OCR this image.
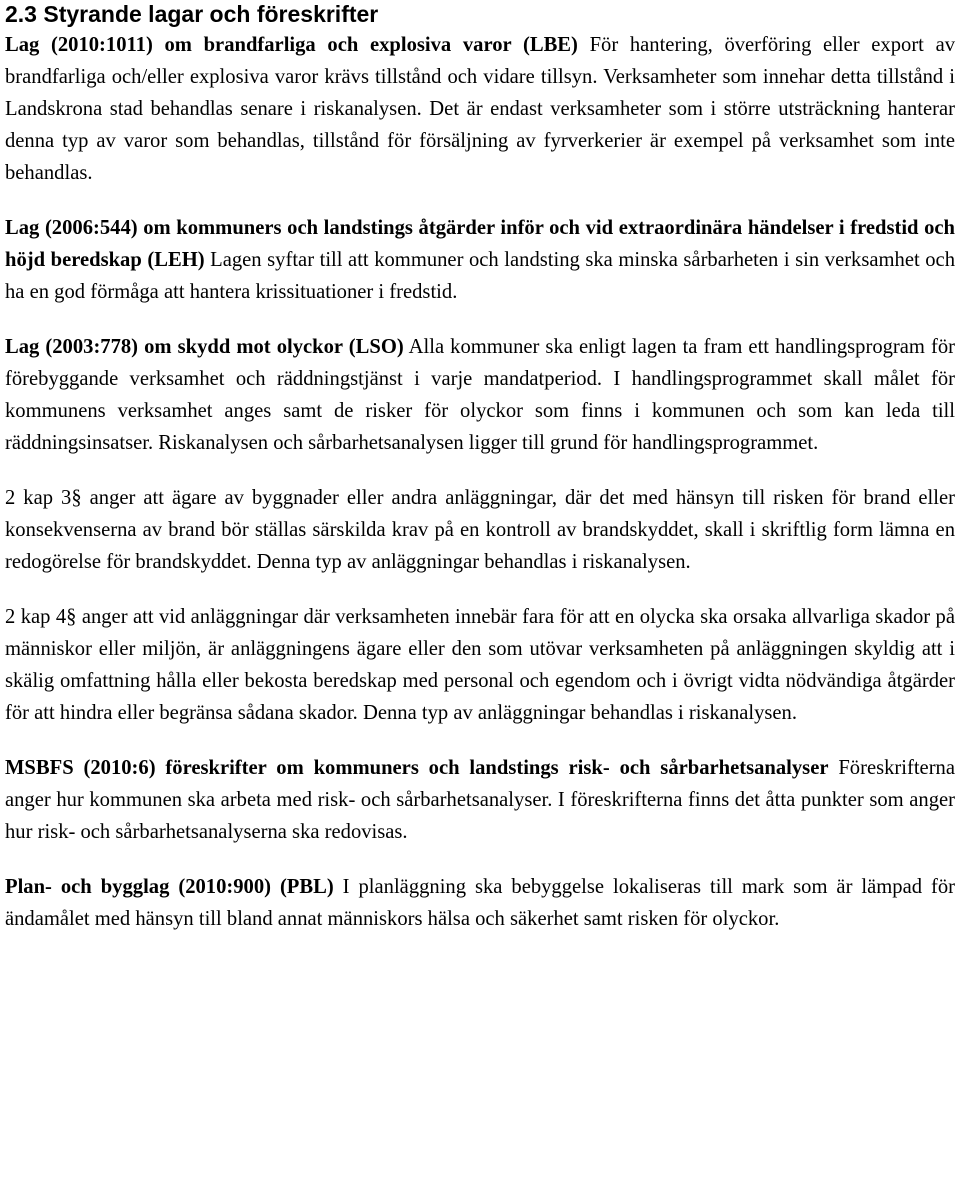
2.3 Styrande lagar och föreskrifter

Lag (2010:1011) om brandfarliga och explosiva varor (LBE) För hantering, överföring eller export av brandfarliga och/eller explosiva varor krävs tillstånd och vidare tillsyn. Verksamheter som innehar detta tillstånd i Landskrona stad behandlas senare i riskanalysen. Det är endast verksamheter som i större utsträckning hanterar denna typ av varor som behandlas, tillstånd för försäljning av fyrverkerier är exempel på verksamhet som inte behandlas.

Lag (2006:544) om kommuners och landstings åtgärder inför och vid extraordinära händelser i fredstid och höjd beredskap (LEH) Lagen syftar till att kommuner och landsting ska minska sårbarheten i sin verksamhet och ha en god förmåga att hantera krissituationer i fredstid.

Lag (2003:778) om skydd mot olyckor (LSO) Alla kommuner ska enligt lagen ta fram ett handlingsprogram för förebyggande verksamhet och räddningstjänst i varje mandatperiod. I handlingsprogrammet skall målet för kommunens verksamhet anges samt de risker för olyckor som finns i kommunen och som kan leda till räddningsinsatser. Riskanalysen och sårbarhetsanalysen ligger till grund för handlingsprogrammet.

2 kap 3§ anger att ägare av byggnader eller andra anläggningar, där det med hänsyn till risken för brand eller konsekvenserna av brand bör ställas särskilda krav på en kontroll av brandskyddet, skall i skriftlig form lämna en redogörelse för brandskyddet. Denna typ av anläggningar behandlas i riskanalysen.

2 kap 4§ anger att vid anläggningar där verksamheten innebär fara för att en olycka ska orsaka allvarliga skador på människor eller miljön, är anläggningens ägare eller den som utövar verksamheten på anläggningen skyldig att i skälig omfattning hålla eller bekosta beredskap med personal och egendom och i övrigt vidta nödvändiga åtgärder för att hindra eller begränsa sådana skador. Denna typ av anläggningar behandlas i riskanalysen.

MSBFS (2010:6) föreskrifter om kommuners och landstings risk- och sårbarhetsanalyser Föreskrifterna anger hur kommunen ska arbeta med risk- och sårbarhetsanalyser. I föreskrifterna finns det åtta punkter som anger hur risk- och sårbarhetsanalyserna ska redovisas.

Plan- och bygglag (2010:900) (PBL) I planläggning ska bebyggelse lokaliseras till mark som är lämpad för ändamålet med hänsyn till bland annat människors hälsa och säkerhet samt risken för olyckor.
